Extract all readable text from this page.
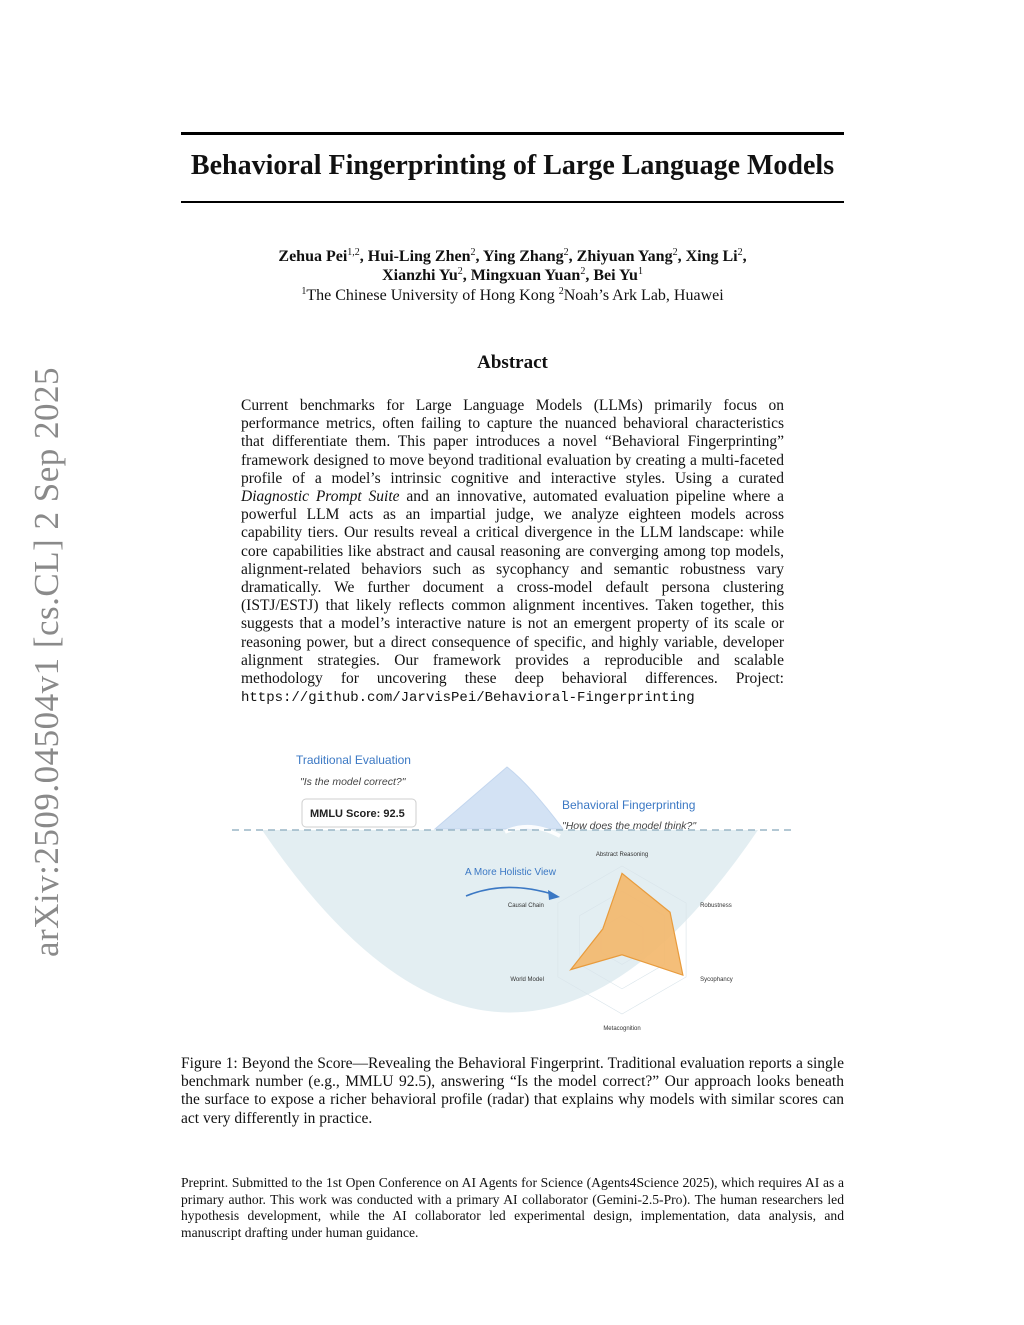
arXiv:2509.04504v1 [cs.CL] 2 Sep 2025
Behavioral Fingerprinting of Large Language Models
Zehua Pei$^{1,2}$, Hui-Ling Zhen$^2$, Ying Zhang$^2$, Zhiyuan Yang$^2$, Xing Li$^2$,
Xianzhi Yu$^2$, Mingxuan Yuan$^2$, Bei Yu$^1$
$^1$The Chinese University of Hong Kong $^2$Noah’s Ark Lab, Huawei
Abstract
Current benchmarks for Large Language Models (LLMs) primarily focus on performance metrics, often failing to capture the nuanced behavioral characteristics that differentiate them. This paper introduces a novel “Behavioral Fingerprinting” framework designed to move beyond traditional evaluation by creating a multi-faceted profile of a model’s intrinsic cognitive and interactive styles. Using a curated Diagnostic Prompt Suite and an innovative, automated evaluation pipeline where a powerful LLM acts as an impartial judge, we analyze eighteen models across capability tiers. Our results reveal a critical divergence in the LLM landscape: while core capabilities like abstract and causal reasoning are converging among top models, alignment-related behaviors such as sycophancy and semantic robustness vary dramatically. We further document a cross-model default persona clustering (ISTJ/ESTJ) that likely reflects common alignment incentives. Taken together, this suggests that a model’s interactive nature is not an emergent property of its scale or reasoning power, but a direct consequence of specific, and highly variable, developer alignment strategies. Our framework provides a reproducible and scalable methodology for uncovering these deep behavioral differences. Project: https://github.com/JarvisPei/Behavioral-Fingerprinting
Traditional Evaluation
"Is the model correct?"
MMLU Score: 92.5
Behavioral Fingerprinting
"How does the model think?"
A More Holistic View
Abstract Reasoning
Robustness
Sycophancy
Metacognition
World Model
Causal Chain
Figure 1: Beyond the Score—Revealing the Behavioral Fingerprint. Traditional evaluation reports a single benchmark number (e.g., MMLU 92.5), answering “Is the model correct?” Our approach looks beneath the surface to expose a richer behavioral profile (radar) that explains why models with similar scores can act very differently in practice.
Preprint. Submitted to the 1st Open Conference on AI Agents for Science (Agents4Science 2025), which requires AI as a primary author. This work was conducted with a primary AI collaborator (Gemini-2.5-Pro). The human researchers led hypothesis development, while the AI collaborator led experimental design, implementation, data analysis, and manuscript drafting under human guidance.
